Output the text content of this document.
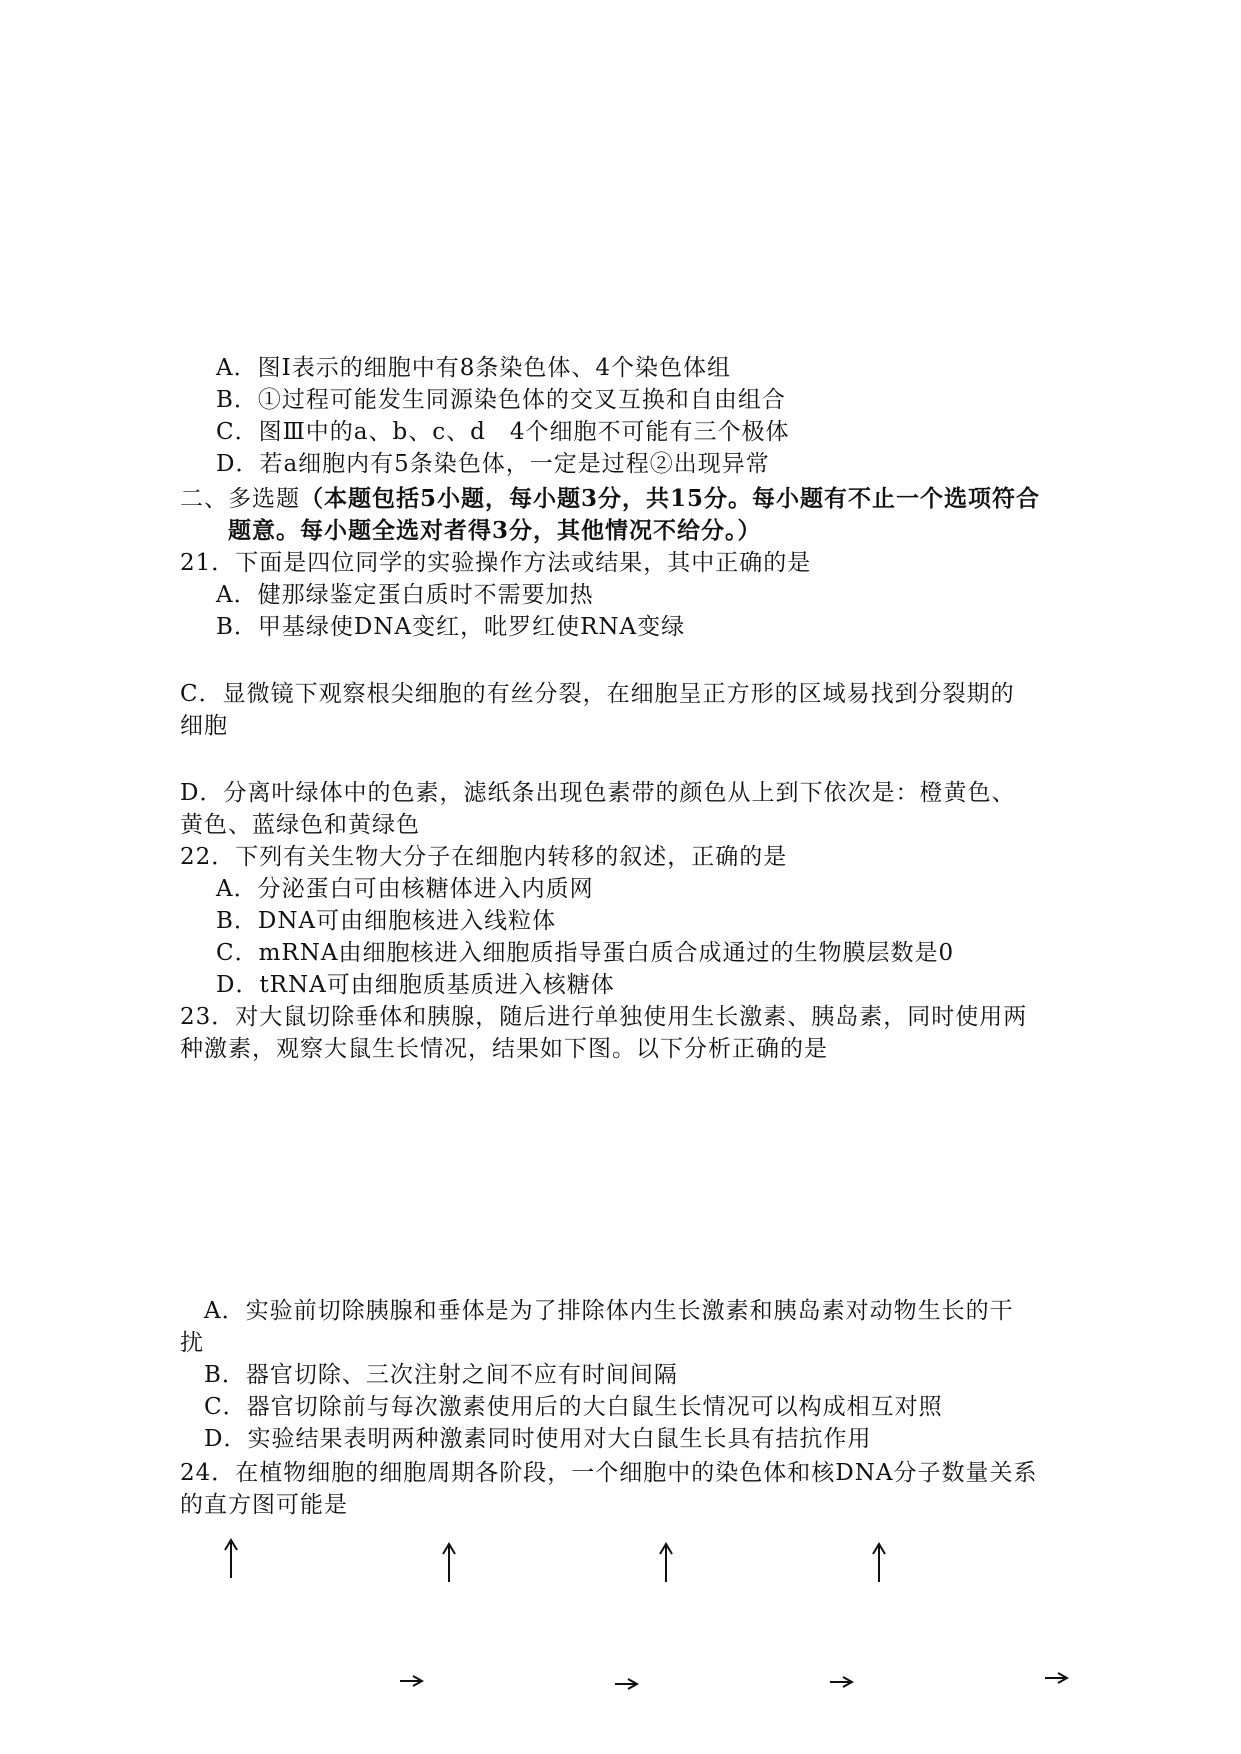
A．图Ⅰ表示的细胞中有8条染色体、4个染色体组
B．①过程可能发生同源染色体的交叉互换和自由组合
C．图Ⅲ中的a、b、c、d　4个细胞不可能有三个极体
D．若a细胞内有5条染色体，一定是过程②出现异常
二、多选题（本题包括5小题，每小题3分，共15分。每小题有不止一个选项符合
题意。每小题全选对者得3分，其他情况不给分。）
21．下面是四位同学的实验操作方法或结果，其中正确的是
A．健那绿鉴定蛋白质时不需要加热
B．甲基绿使DNA变红，吡罗红使RNA变绿
C．显微镜下观察根尖细胞的有丝分裂，在细胞呈正方形的区域易找到分裂期的
细胞
D．分离叶绿体中的色素，滤纸条出现色素带的颜色从上到下依次是：橙黄色、
黄色、蓝绿色和黄绿色
22．下列有关生物大分子在细胞内转移的叙述，正确的是
A．分泌蛋白可由核糖体进入内质网
B．DNA可由细胞核进入线粒体
C．mRNA由细胞核进入细胞质指导蛋白质合成通过的生物膜层数是0
D．tRNA可由细胞质基质进入核糖体
23．对大鼠切除垂体和胰腺，随后进行单独使用生长激素、胰岛素，同时使用两
种激素，观察大鼠生长情况，结果如下图。以下分析正确的是
A．实验前切除胰腺和垂体是为了排除体内生长激素和胰岛素对动物生长的干
扰
B．器官切除、三次注射之间不应有时间间隔
C．器官切除前与每次激素使用后的大白鼠生长情况可以构成相互对照
D．实验结果表明两种激素同时使用对大白鼠生长具有拮抗作用
24．在植物细胞的细胞周期各阶段，一个细胞中的染色体和核DNA分子数量关系
的直方图可能是
